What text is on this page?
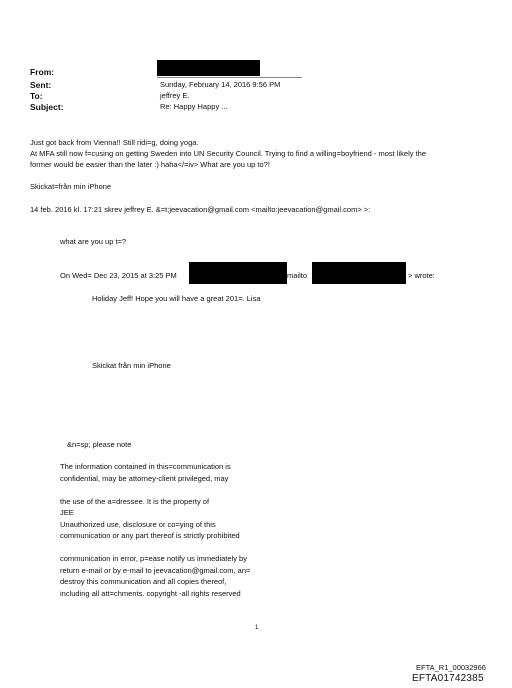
From:
Sent:
To:
Subject:
Sunday, February 14, 2016 9:56 PM
jeffrey E.
Re: Happy Happy ...
Just got back from Vienna!! Still ridi=g, doing yoga.
At MFA still now f=cusing on getting Sweden into UN Security Council. Trying to find a willing=boyfriend - most likely the
former would be easier than the later :) haha</=iv> What are you up to?!
Skickat=från min iPhone
14 feb. 2016 kl. 17:21 skrev jeffrey E. &=t;jeevacation@gmail.com <mailto:jeevacation@gmail.com> >:
what are you up t=?
On Wed= Dec 23, 2015 at 3:25 PM	mailto	> wrote:
Holiday Jeff! Hope you will have a great 201=. Lisa
Skickat från min iPhone
&n=sp; please note
The information contained in this=communication is
confidential, may be attorney-client privileged, may
the use of the a=dressee. It is the property of
JEE
Unauthorized use, disclosure or co=ying of this
communication or any part thereof is strictly prohibited
communication in error, p=ease notify us immediately by
return e-mail or by e-mail to jeevacation@gmail.com, an=
destroy this communication and all copies thereof,
including all att=chments. copyright -all rights reserved
1
EFTA_R1_00032966
EFTA01742385
